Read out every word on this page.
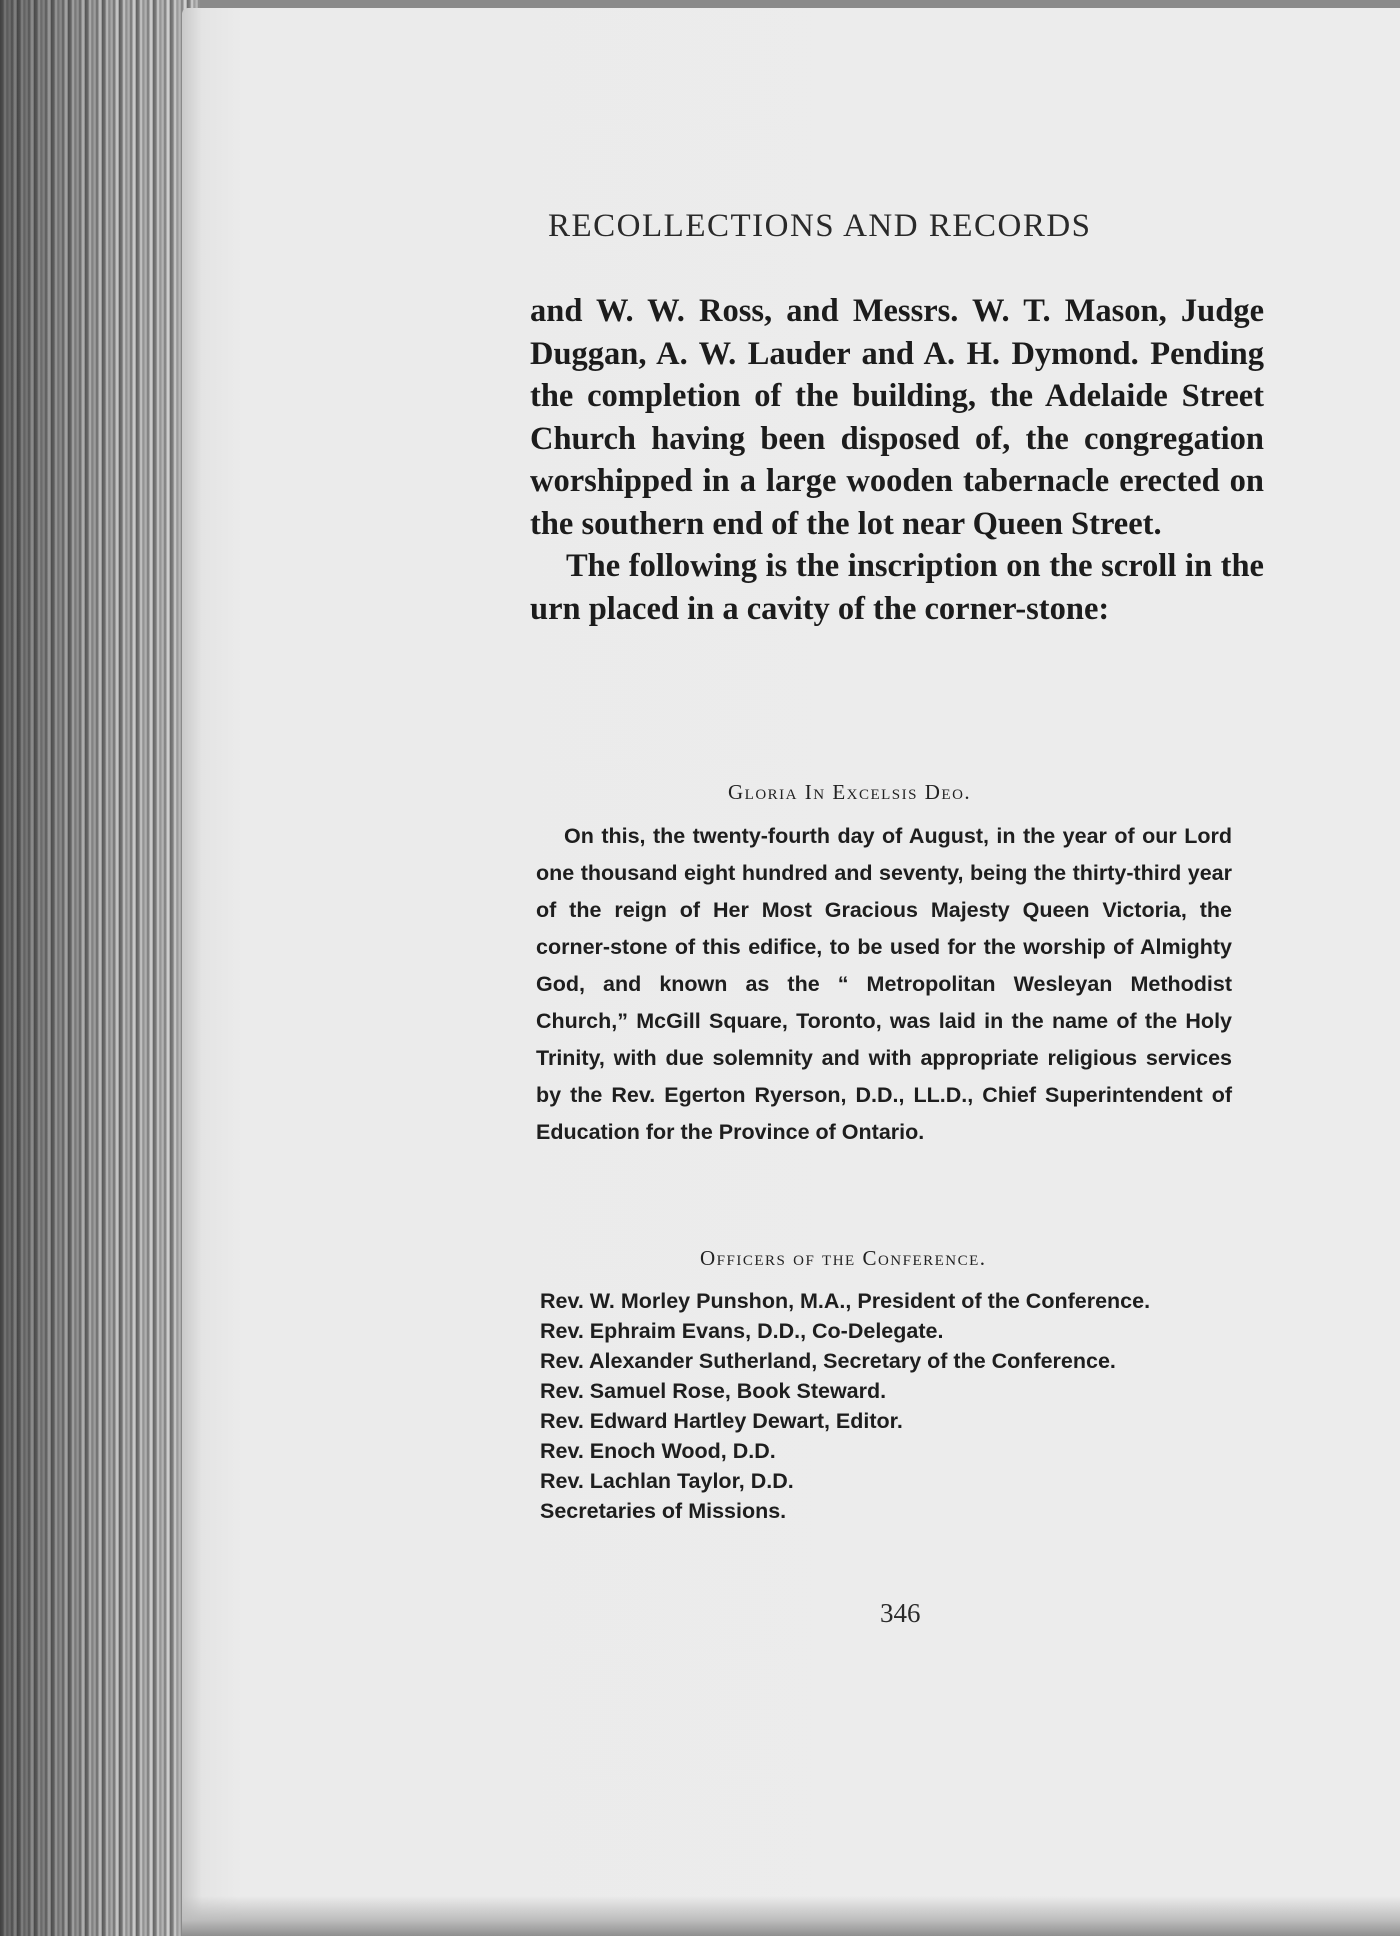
RECOLLECTIONS AND RECORDS

and W. W. Ross, and Messrs. W. T. Mason, Judge Duggan, A. W. Lauder and A. H. Dymond. Pending the completion of the building, the Adelaide Street Church having been disposed of, the congregation worshipped in a large wooden tabernacle erected on the southern end of the lot near Queen Street.

The following is the inscription on the scroll in the urn placed in a cavity of the corner-stone:

Gloria In Excelsis Deo.
On this, the twenty-fourth day of August, in the year of our Lord one thousand eight hundred and seventy, being the thirty-third year of the reign of Her Most Gracious Majesty Queen Victoria, the corner-stone of this edifice, to be used for the worship of Almighty God, and known as the “ Metropolitan Wesleyan Methodist Church,” McGill Square, Toronto, was laid in the name of the Holy Trinity, with due solemnity and with appropriate religious services by the Rev. Egerton Ryerson, D.D., LL.D., Chief Superintendent of Education for the Province of Ontario.
Officers of the Conference.

Rev. W. Morley Punshon, M.A., President of the Conference.

Rev. Ephraim Evans, D.D., Co-Delegate.

Rev. Alexander Sutherland, Secretary of the Conference.

Rev. Samuel Rose, Book Steward.

Rev. Edward Hartley Dewart, Editor.

Rev. Enoch Wood, D.D.

Rev. Lachlan Taylor, D.D.

Secretaries of Missions.

346
